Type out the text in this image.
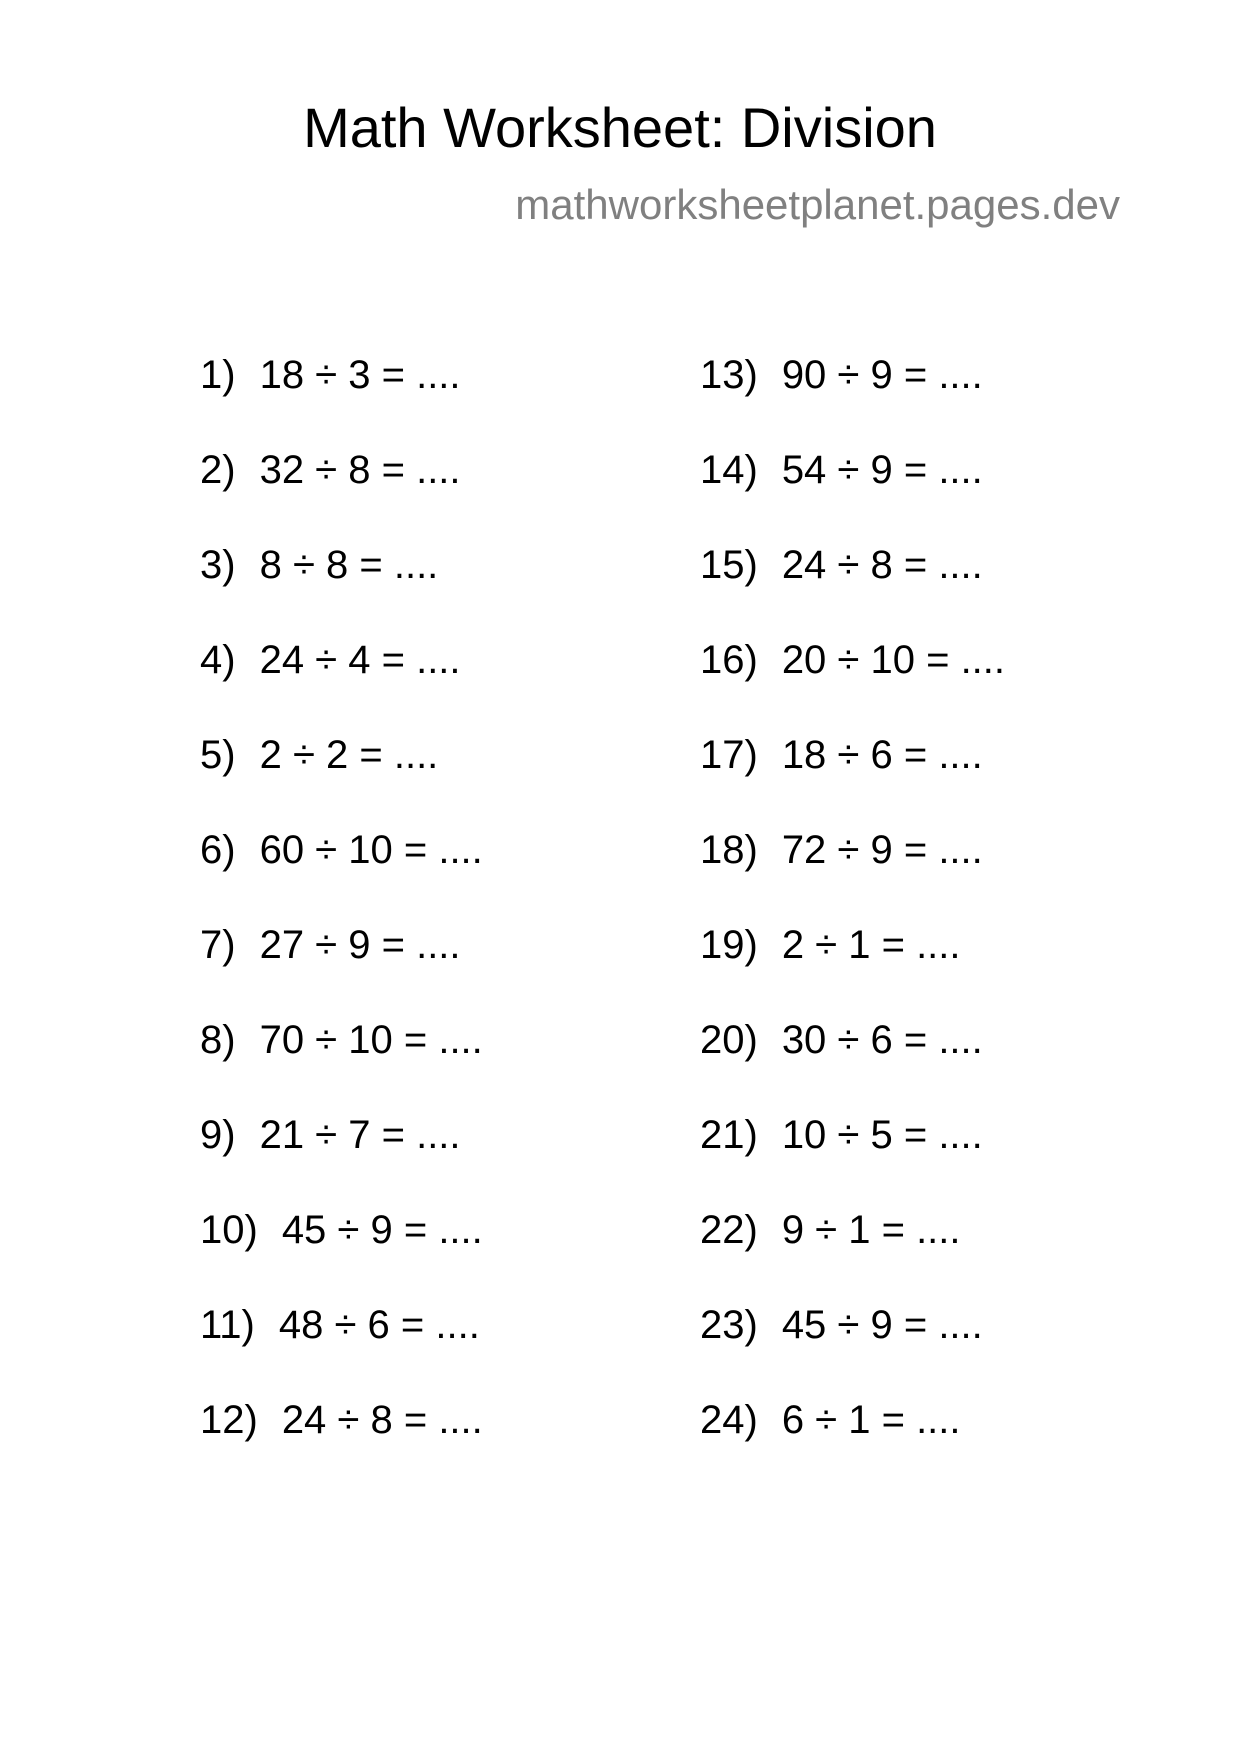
Math Worksheet: Division
mathworksheetplanet.pages.dev
1) 18 ÷ 3 = ....
2) 32 ÷ 8 = ....
3) 8 ÷ 8 = ....
4) 24 ÷ 4 = ....
5) 2 ÷ 2 = ....
6) 60 ÷ 10 = ....
7) 27 ÷ 9 = ....
8) 70 ÷ 10 = ....
9) 21 ÷ 7 = ....
10) 45 ÷ 9 = ....
11) 48 ÷ 6 = ....
12) 24 ÷ 8 = ....
13) 90 ÷ 9 = ....
14) 54 ÷ 9 = ....
15) 24 ÷ 8 = ....
16) 20 ÷ 10 = ....
17) 18 ÷ 6 = ....
18) 72 ÷ 9 = ....
19) 2 ÷ 1 = ....
20) 30 ÷ 6 = ....
21) 10 ÷ 5 = ....
22) 9 ÷ 1 = ....
23) 45 ÷ 9 = ....
24) 6 ÷ 1 = ....
